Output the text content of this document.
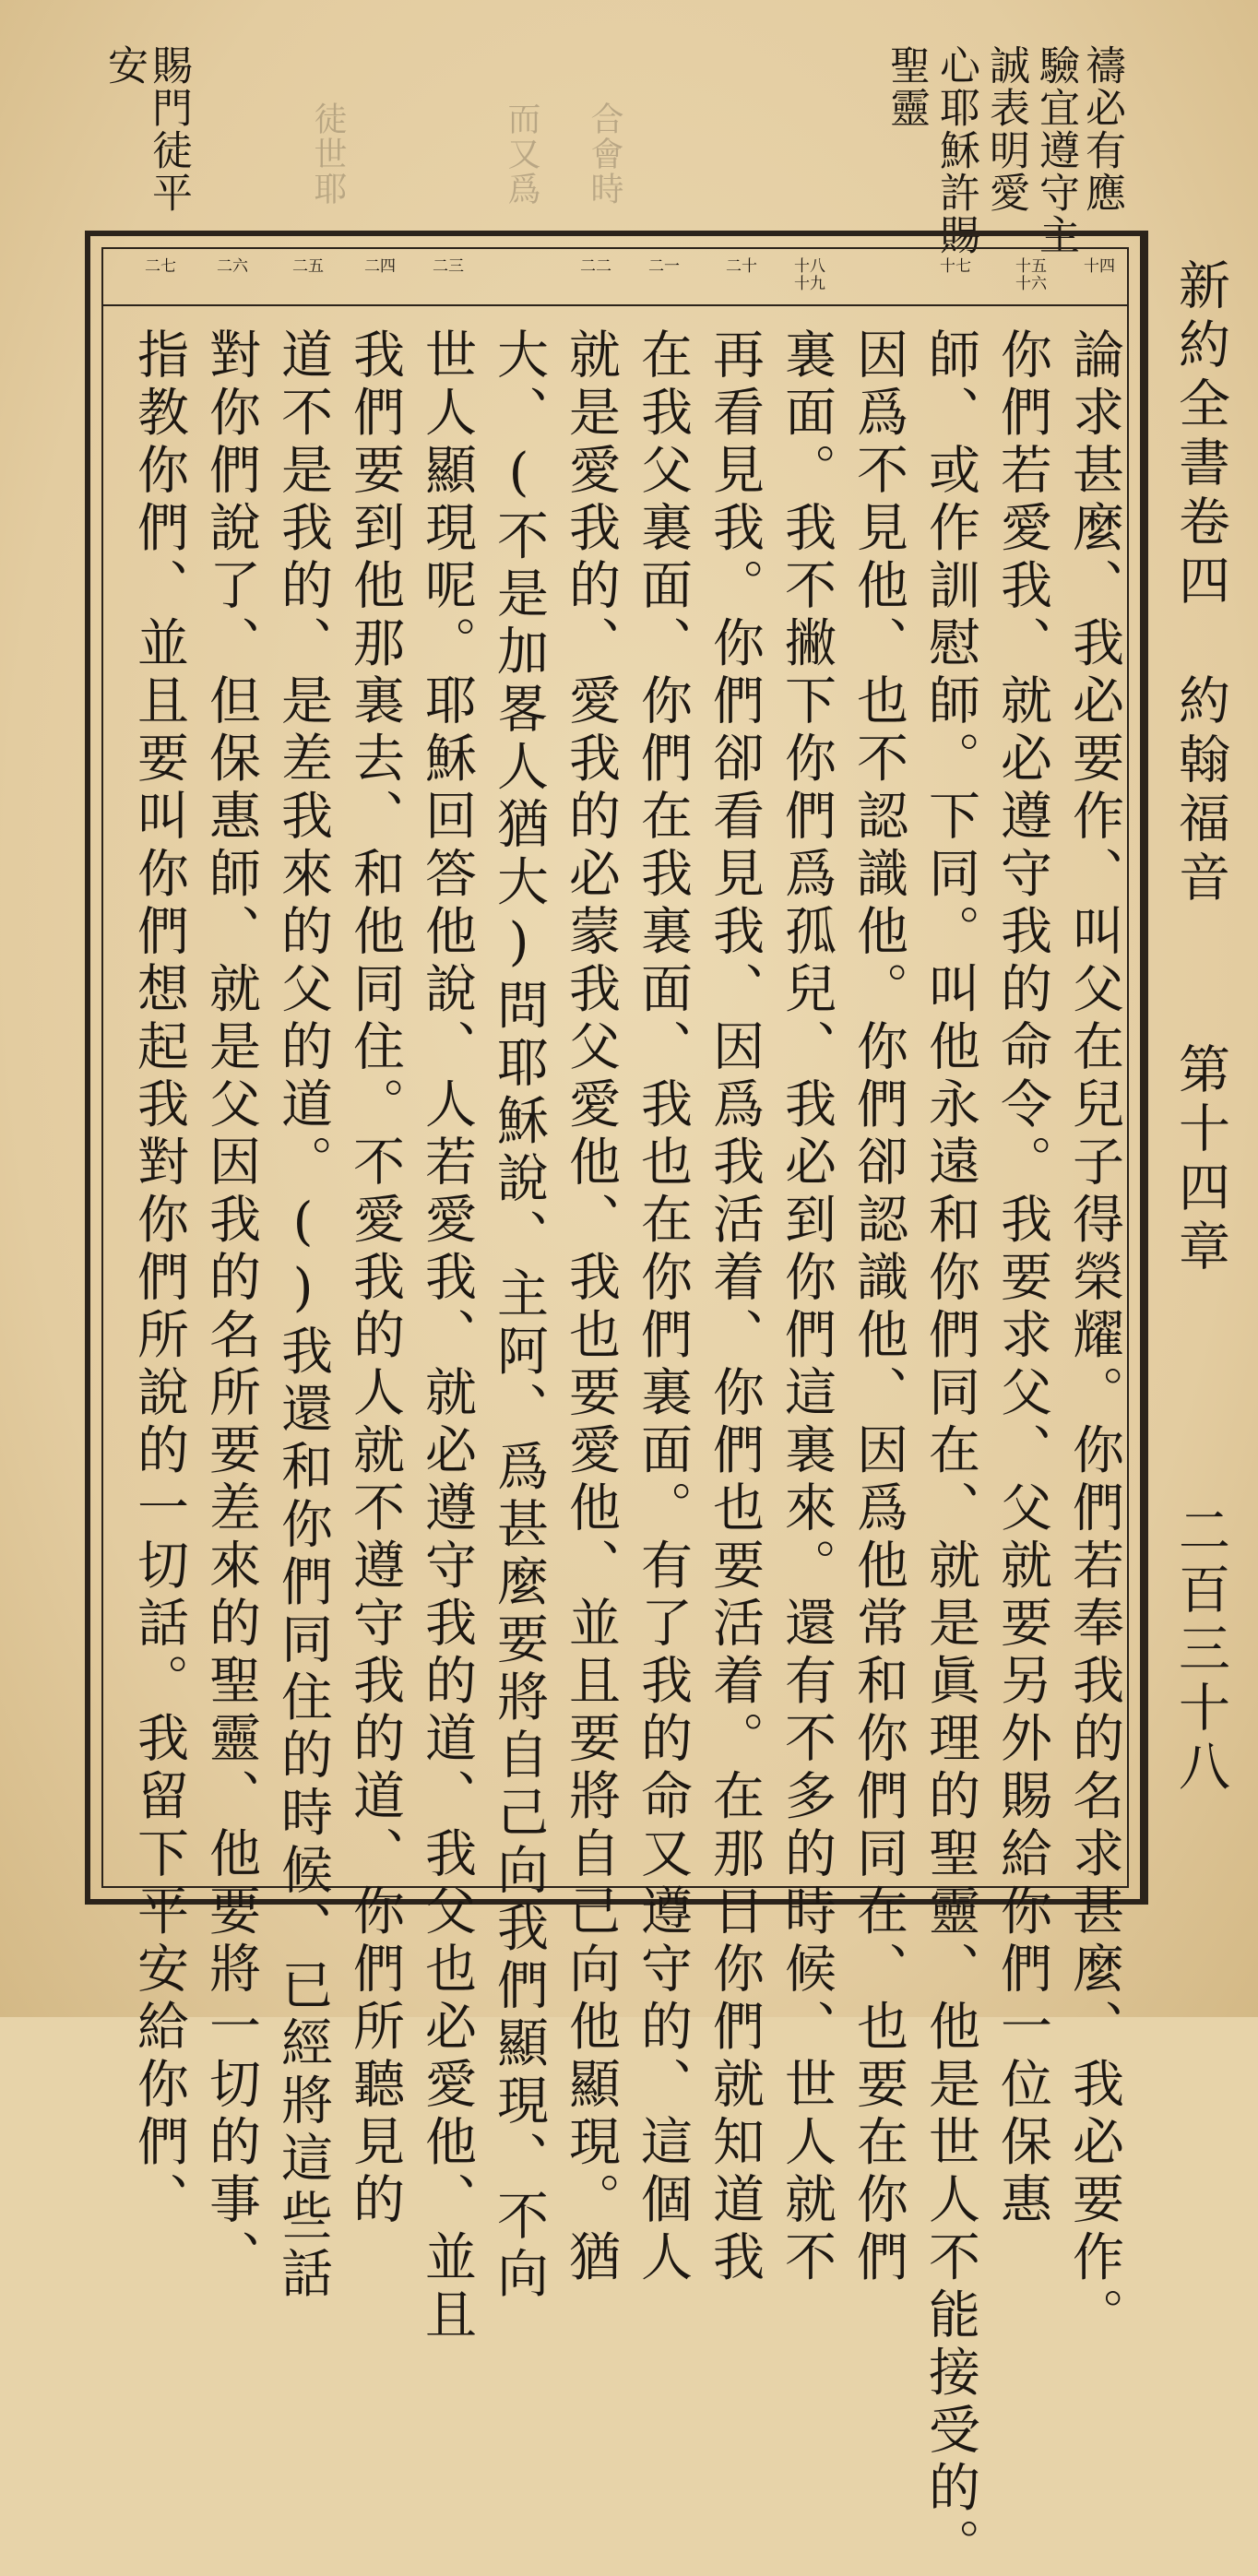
禱必有應
驗宜遵守主
誠表明愛
心耶穌許賜
聖靈
賜門徒平
安
合會時
而又爲
徒世耶
十四
十五 十六
十七
十八 十九
二十
二一
二二
二三
二四
二五
二六
二七
論求甚麼、我必要作、叫父在兒子得榮耀。你們若奉我的名求甚麼、我必要作。
你們若愛我、就必遵守我的命令。我要求父、父就要另外賜給你們一位保惠
師、或作訓慰師。下同。叫他永遠和你們同在、就是眞理的聖靈、他是世人不能接受的。
因爲不見他、也不認識他。你們卻認識他、因爲他常和你們同在、也要在你們
裏面。我不撇下你們爲孤兒、我必到你們這裏來。還有不多的時候、世人就不
再看見我。你們卻看見我、因爲我活着、你們也要活着。在那日你們就知道我
在我父裏面、你們在我裏面、我也在你們裏面。有了我的命又遵守的、這個人
就是愛我的、愛我的必蒙我父愛他、我也要愛他、並且要將自己向他顯現。猶
大、(不是加畧人猶大)問耶穌說、主阿、爲甚麼要將自己向我們顯現、不向
世人顯現呢。耶穌回答他說、人若愛我、就必遵守我的道、我父也必愛他、並且
我們要到他那裏去、和他同住。不愛我的人就不遵守我的道、你們所聽見的
道不是我的、是差我來的父的道。()我還和你們同住的時候、已經將這些話
對你們說了、但保惠師、就是父因我的名所要差來的聖靈、他要將一切的事、
指教你們、並且要叫你們想起我對你們所說的一切話。我留下平安給你們、	新約全書卷四
約翰福音
第十四章
二百三十八
